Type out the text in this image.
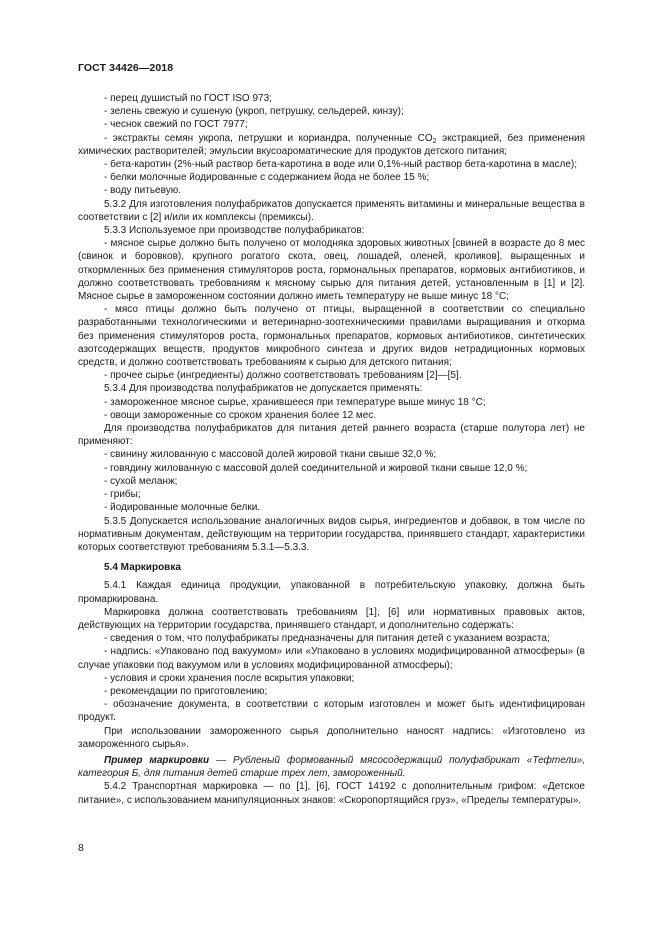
ГОСТ 34426—2018

- перец душистый по ГОСТ ISO 973;

- зелень свежую и сушеную (укроп, петрушку, сельдерей, кинзу);

- чеснок свежий по ГОСТ 7977;

- экстракты семян укропа, петрушки и кориандра, полученные $CO_2$ экстракцией, без применения химических растворителей; эмульсии вкусоароматические для продуктов детского питания;

- бета-каротин (2%-ный раствор бета-каротина в воде или 0,1%-ный раствор бета-каротина в масле);

- белки молочные йодированные с содержанием йода не более 15 %;

- воду питьевую.

5.3.2 Для изготовления полуфабрикатов допускается применять витамины и минеральные вещества в соответствии с [2] и/или их комплексы (премиксы).

5.3.3 Используемое при производстве полуфабрикатов:

- мясное сырье должно быть получено от молодняка здоровых животных [свиней в возрасте до 8 мес (свинок и боровков), крупного рогатого скота, овец, лошадей, оленей, кроликов], выращенных и откормленных без применения стимуляторов роста, гормональных препаратов, кормовых антибиотиков, и должно соответствовать требованиям к мясному сырью для питания детей, установленным в [1] и [2]. Мясное сырье в замороженном состоянии должно иметь температуру не выше минус 18 °С;

- мясо птицы должно быть получено от птицы, выращенной в соответствии со специально разработанными технологическими и ветеринарно-зоотехническими правилами выращивания и откорма без применения стимуляторов роста, гормональных препаратов, кормовых антибиотиков, синтетических азотсодержащих веществ, продуктов микробного синтеза и других видов нетрадиционных кормовых средств, и должно соответствовать требованиям к сырью для детского питания;

- прочее сырье (ингредиенты) должно соответствовать требованиям [2]—[5].

5.3.4 Для производства полуфабрикатов не допускается применять:

- замороженное мясное сырье, хранившееся при температуре выше минус 18 °С;

- овощи замороженные со сроком хранения более 12 мес.

Для производства полуфабрикатов для питания детей раннего возраста (старше полутора лет) не применяют:

- свинину жилованную с массовой долей жировой ткани свыше 32,0 %;

- говядину жилованную с массовой долей соединительной и жировой ткани свыше 12,0 %;

- сухой меланж;

- грибы;

- йодированные молочные белки.

5.3.5 Допускается использование аналогичных видов сырья, ингредиентов и добавок, в том числе по нормативным документам, действующим на территории государства, принявшего стандарт, характеристики которых соответствуют требованиям 5.3.1—5.3.3.

5.4 Маркировка

5.4.1 Каждая единица продукции, упакованной в потребительскую упаковку, должна быть промаркирована.

Маркировка должна соответствовать требованиям [1], [6] или нормативных правовых актов, действующих на территории государства, принявшего стандарт, и дополнительно содержать:

- сведения о том, что полуфабрикаты предназначены для питания детей с указанием возраста;

- надпись: «Упаковано под вакуумом» или «Упаковано в условиях модифицированной атмосферы» (в случае упаковки под вакуумом или в условиях модифицированной атмосферы);

- условия и сроки хранения после вскрытия упаковки;

- рекомендации по приготовлению;

- обозначение документа, в соответствии с которым изготовлен и может быть идентифицирован продукт.

При использовании замороженного сырья дополнительно наносят надпись: «Изготовлено из замороженного сырья».

Пример маркировки — Рубленый формованный мясосодержащий полуфабрикат «Тефтели», категория Б, для питания детей старше трех лет, замороженный.

5.4.2 Транспортная маркировка — по [1], [6], ГОСТ 14192 с дополнительным грифом: «Детское питание», с использованием манипуляционных знаков: «Скоропортящийся груз», «Пределы температуры».

8
